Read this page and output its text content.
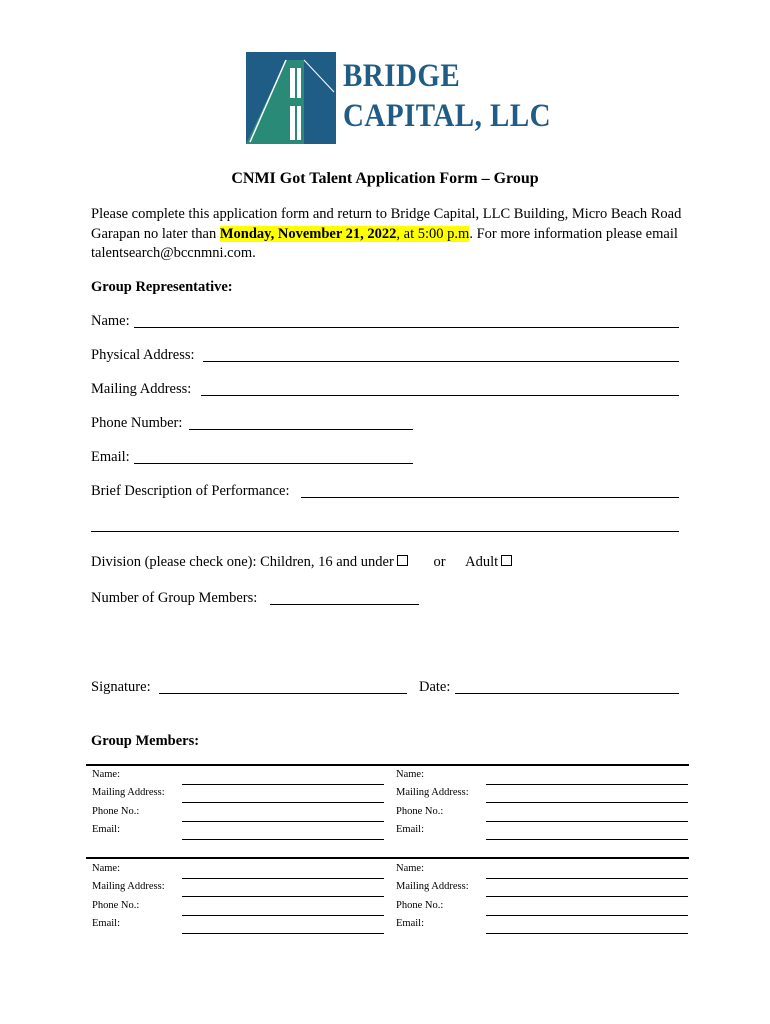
BRIDGE
CAPITAL, LLC
CNMI Got Talent Application Form – Group
Please complete this application form and return to Bridge Capital, LLC Building, Micro Beach Road Garapan no later than Monday, November 21, 2022, at 5:00 p.m. For more information please email talentsearch@bccnmni.com.
Group Representative:
Name:
Physical Address:
Mailing Address:
Phone Number:
Email:
Brief Description of Performance:
Division (please check one): Children, 16 and under	or Adult
Number of Group Members:
Signature:	Date:
Group Members:
Name:
Mailing Address:
Phone No.:
Email:
Name:
Mailing Address:
Phone No.:
Email:
Name:
Mailing Address:
Phone No.:
Email:
Name:
Mailing Address:
Phone No.:
Email:
